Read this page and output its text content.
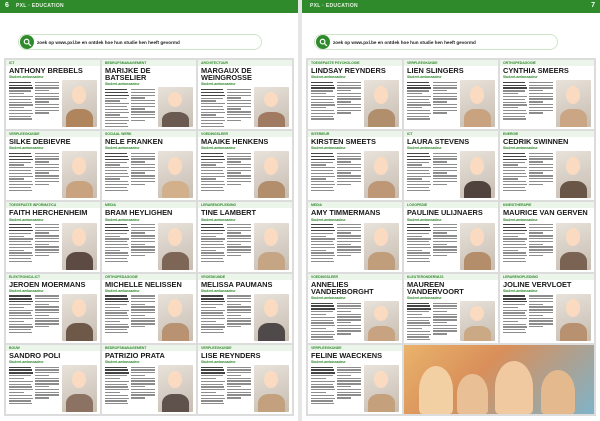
6 PXL · EDUCATION
zoek op www.pxl.be en ontdek hoe hun studie hen heeft gevormd
ICT
ANTHONY BREBELS
Student-ambassadeur
BEDRIJFSMANAGEMENT
MARIJKE DE BATSELIER
Student-ambassadeur
ARCHITECTUUR
MARGAUX DE WEINGROSSE
Student-ambassadeur
VERPLEEGKUNDE
SILKE DEBIEVRE
Student-ambassadeur
SOCIAAL WERK
NELE FRANKEN
Student-ambassadeur
VOEDINGSLEER
MAAIKE HENKENS
Student-ambassadeur
TOEGEPASTE INFORMATICA
FAITH HERCHENHEIM
Student-ambassadeur
MEDIA
BRAM HEYLIGHEN
Student-ambassadeur
LERARENOPLEIDING
TINE LAMBERT
Student-ambassadeur
ELEKTRONICA-ICT
JEROEN MOERMANS
Student-ambassadeur
ORTHOPEDAGOGIE
MICHELLE NELISSEN
Student-ambassadeur
VROEDKUNDE
MELISSA PAUMANS
Student-ambassadeur
BOUW
SANDRO POLI
Student-ambassadeur
BEDRIJFSMANAGEMENT
PATRIZIO PRATA
Student-ambassadeur
VERPLEEGKUNDE
LISE REYNDERS
Student-ambassadeur
PXL · EDUCATION	7
zoek op www.pxl.be en ontdek hoe hun studie hen heeft gevormd
TOEGEPASTE PSYCHOLOGIE
LINDSAY REYNDERS
Student-ambassadeur
VERPLEEGKUNDE
LIEN SLINGERS
Student-ambassadeur
ORTHOPEDAGOGIE
CYNTHIA SMEERS
Student-ambassadeur
INTERIEUR
KIRSTEN SMEETS
Student-ambassadeur
ICT
LAURA STEVENS
Student-ambassadeur
ENERGIE
CEDRIK SWINNEN
Student-ambassadeur
MEDIA
AMY TIMMERMANS
Student-ambassadeur
LOGOPEDIE
PAULINE ULIJNAERS
Student-ambassadeur
KINESITHERAPIE
MAURICE VAN GERVEN
Student-ambassadeur
VOEDINGSLEER
ANNELIES VANDERBORGHT
Student-ambassadeur
KLEUTERONDERWIJS
MAUREEN VANDERVOORT
Student-ambassadeur
LERARENOPLEIDING
JOLINE VERVLOET
Student-ambassadeur
VERPLEEGKUNDE
FELINE WAECKENS
Student-ambassadeur
